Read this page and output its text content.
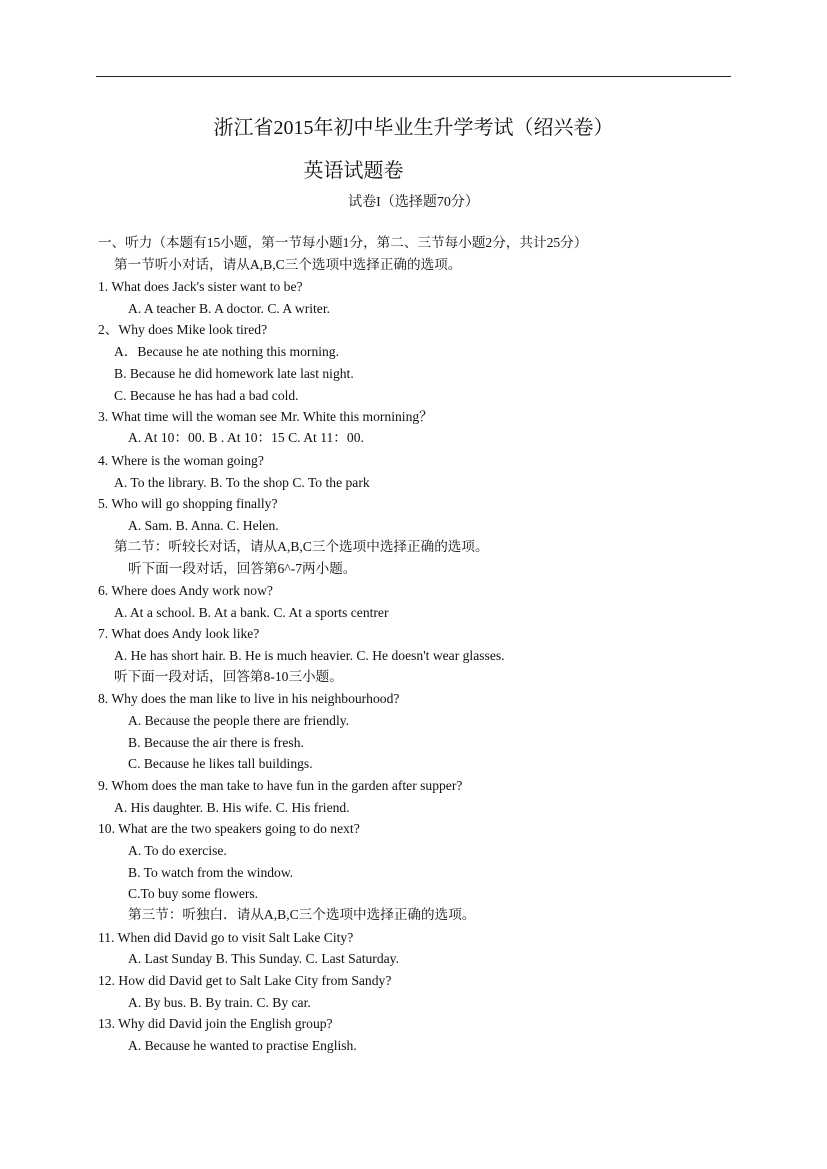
浙江省2015年初中毕业生升学考试（绍兴卷）
英语试题卷
试卷I（选择题70分）
一、听力（本题有15小题，第一节每小题1分，第二、三节每小题2分，共计25分）
第一节听小对话，请从A,B,C三个选项中选择正确的选项。
1. What does Jack's sister want to be?
A. A teacher B. A doctor. C. A writer.
2、Why does Mike look tired?
A．Because he ate nothing this morning.
B. Because he did homework late last night.
C. Because he has had a bad cold.
3. What time will the woman see Mr. White this mornining？
A. At 10：00. B . At 10：15 C. At 11：00.
4. Where is the woman going?
A. To the library. B. To the shop C. To the park
5. Who will go shopping finally?
A. Sam. B. Anna. C. Helen.
第二节：听较长对话，请从A,B,C三个选项中选择正确的选项。
听下面一段对话，回答第6^-7两小题。
6. Where does Andy work now?
A. At a school. B. At a bank. C. At a sports centrer
7. What does Andy look like?
A. He has short hair. B. He is much heavier. C. He doesn't wear glasses.
听下面一段对话，回答第8-10三小题。
8. Why does the man like to live in his neighbourhood?
A. Because the people there are friendly.
B. Because the air there is fresh.
C. Because he likes tall buildings.
9. Whom does the man take to have fun in the garden after supper?
A. His daughter. B. His wife. C. His friend.
10. What are the two speakers going to do next?
A. To do exercise.
B. To watch from the window.
C.To buy some flowers.
第三节：听独白．请从A,B,C三个选项中选择正确的选项。
11. When did David go to visit Salt Lake City?
A. Last Sunday B. This Sunday. C. Last Saturday.
12. How did David get to Salt Lake City from Sandy?
A. By bus. B. By train. C. By car.
13. Why did David join the English group?
A. Because he wanted to practise English.
